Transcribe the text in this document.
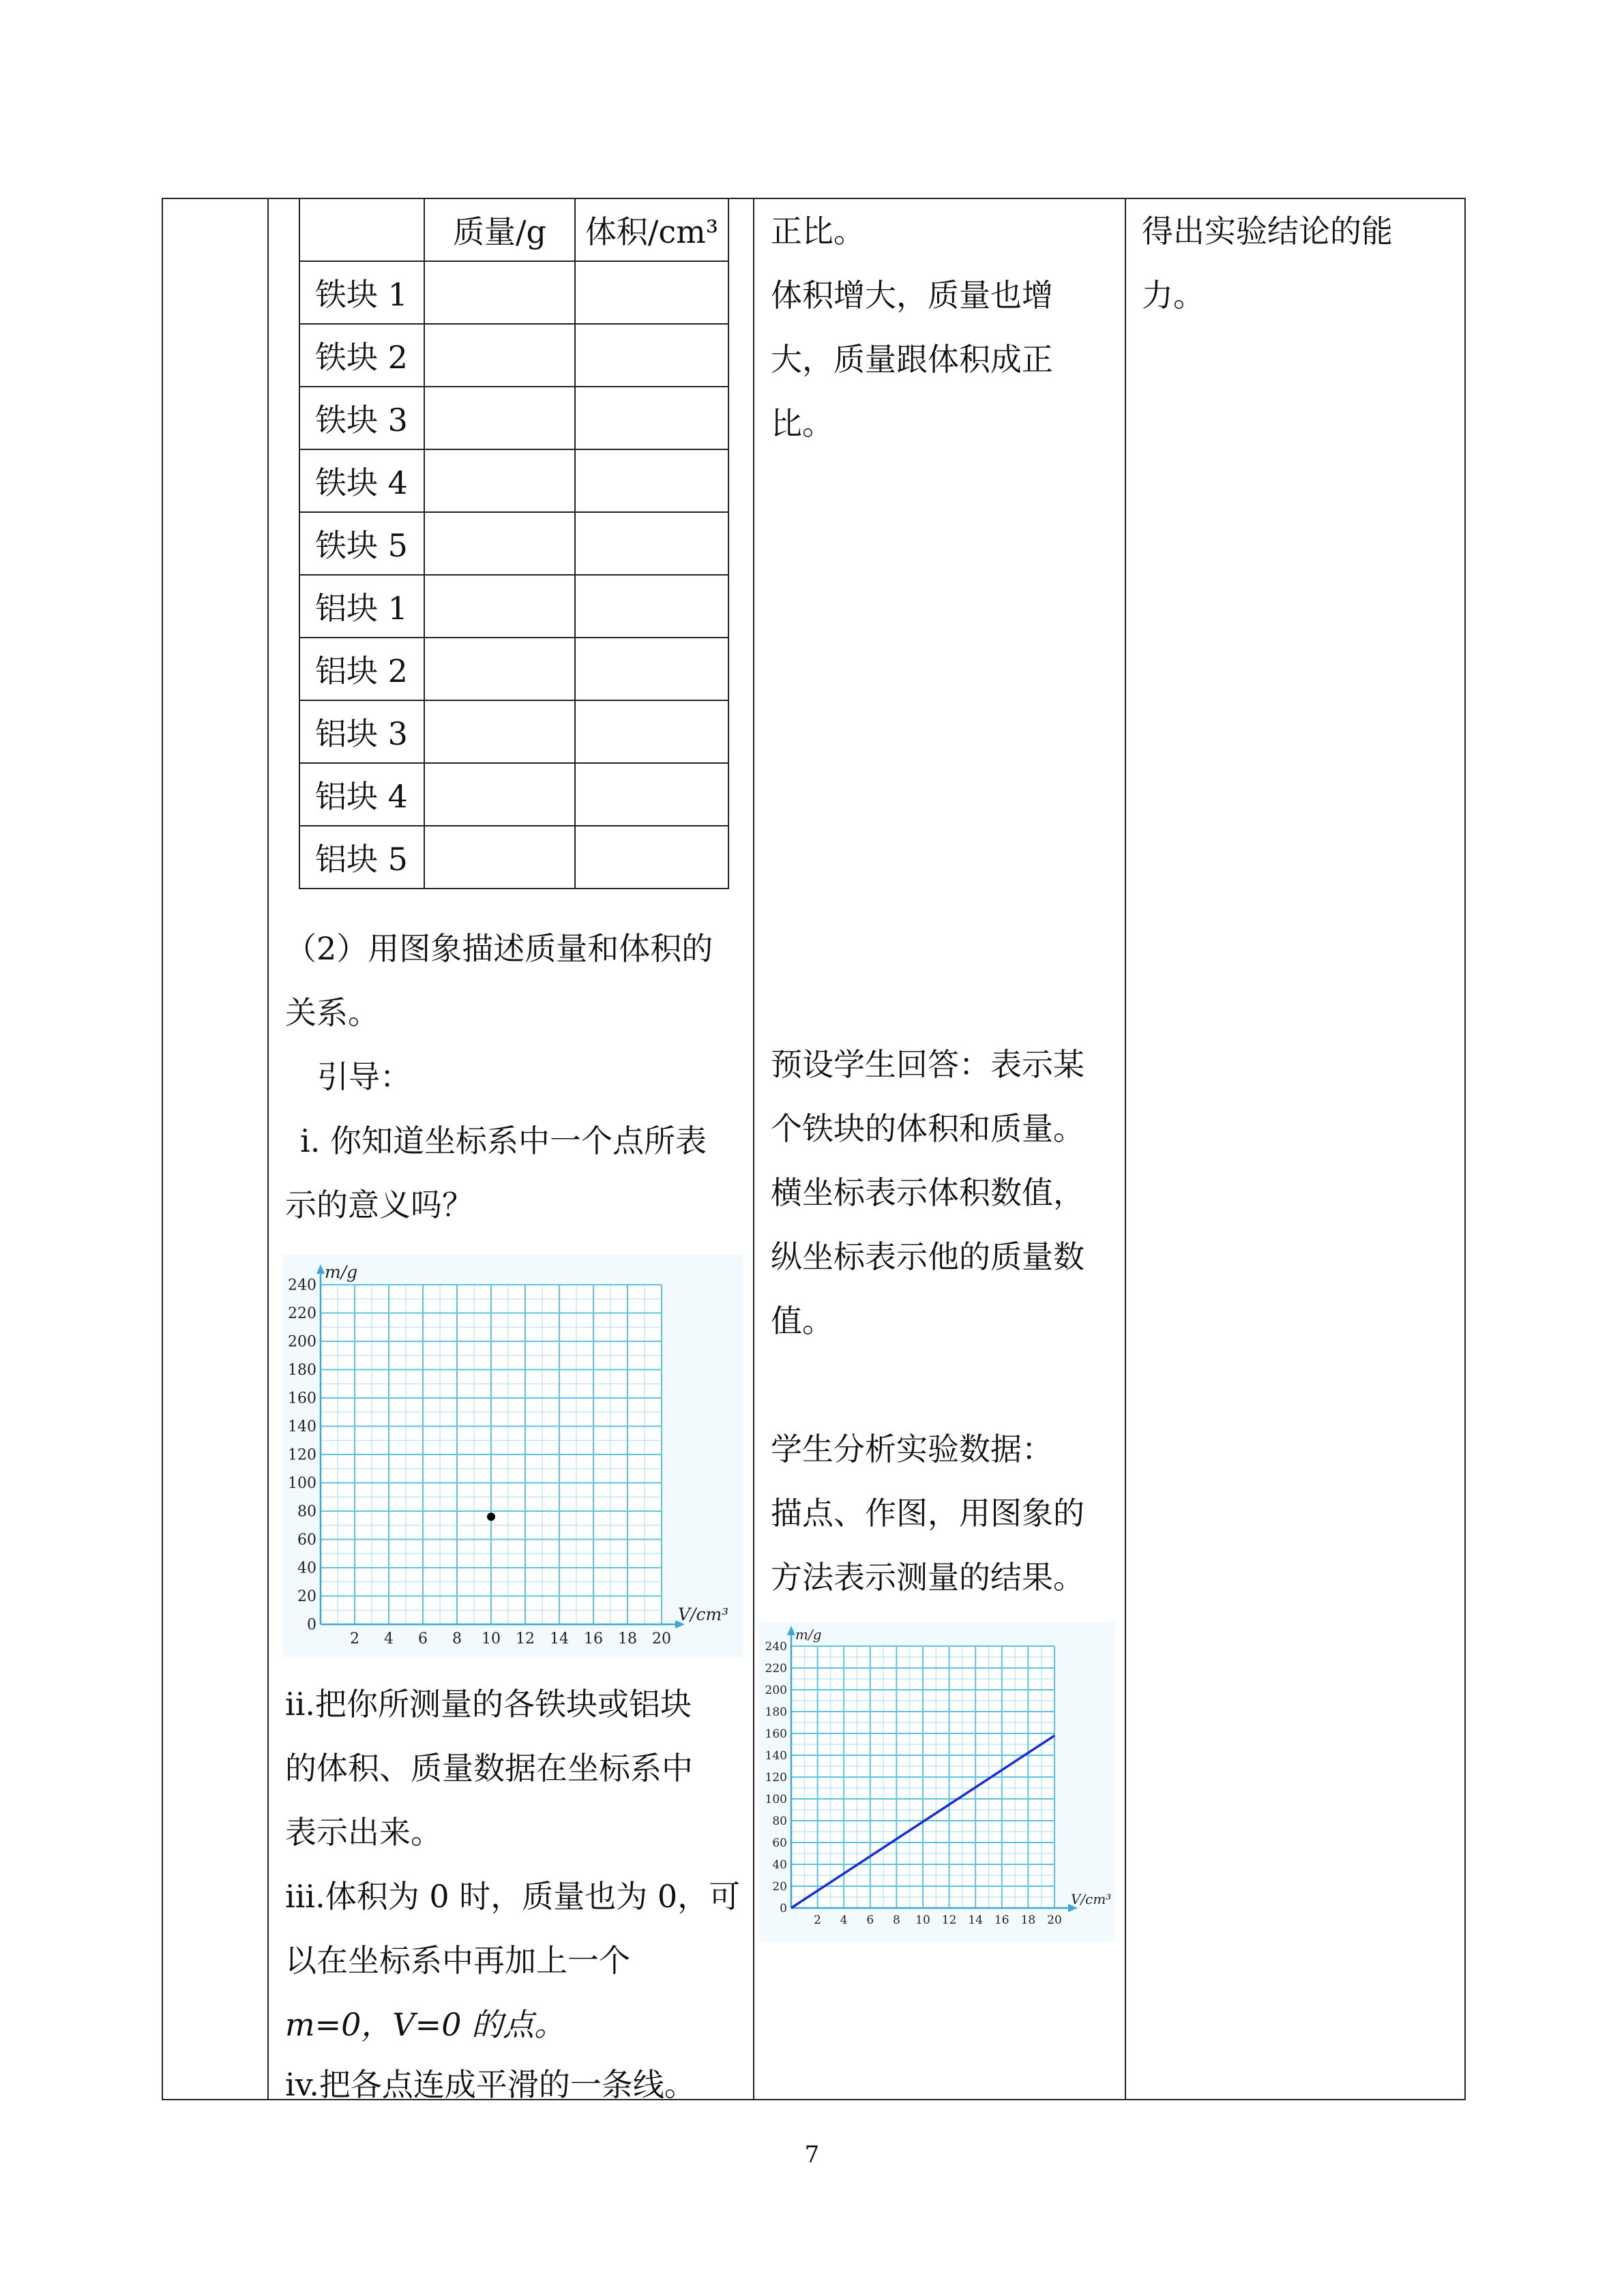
	质量/g	体积/cm³
铁块 1		
铁块 2		
铁块 3		
铁块 4		
铁块 5		
铝块 1		
铝块 2		
铝块 3		
铝块 4		
铝块 5		
（2）用图象描述质量和体积的
关系。
引导：
i. 你知道坐标系中一个点所表
示的意义吗？
2 4 6 8 10 12 14 16 18 20
0
20
40
60
80
100
120
140
160
180
200
220
240
V/cm³
m/g
ii.把你所测量的各铁块或铝块
的体积、质量数据在坐标系中
表示出来。
iii.体积为 0 时，质量也为 0，可
以在坐标系中再加上一个
m=0，V=0 的点。
iv.把各点连成平滑的一条线。
正比。
体积增大，质量也增
大，质量跟体积成正
比。
预设学生回答：表示某
个铁块的体积和质量。
横坐标表示体积数值，
纵坐标表示他的质量数
值。
学生分析实验数据：
描点、作图，用图象的
方法表示测量的结果。
2 4 6 8 10 12 14 16 18 20
0
20
40
60
80
100
120
140
160
180
200
220
240
V/cm³
m/g
得出实验结论的能
力。
7
